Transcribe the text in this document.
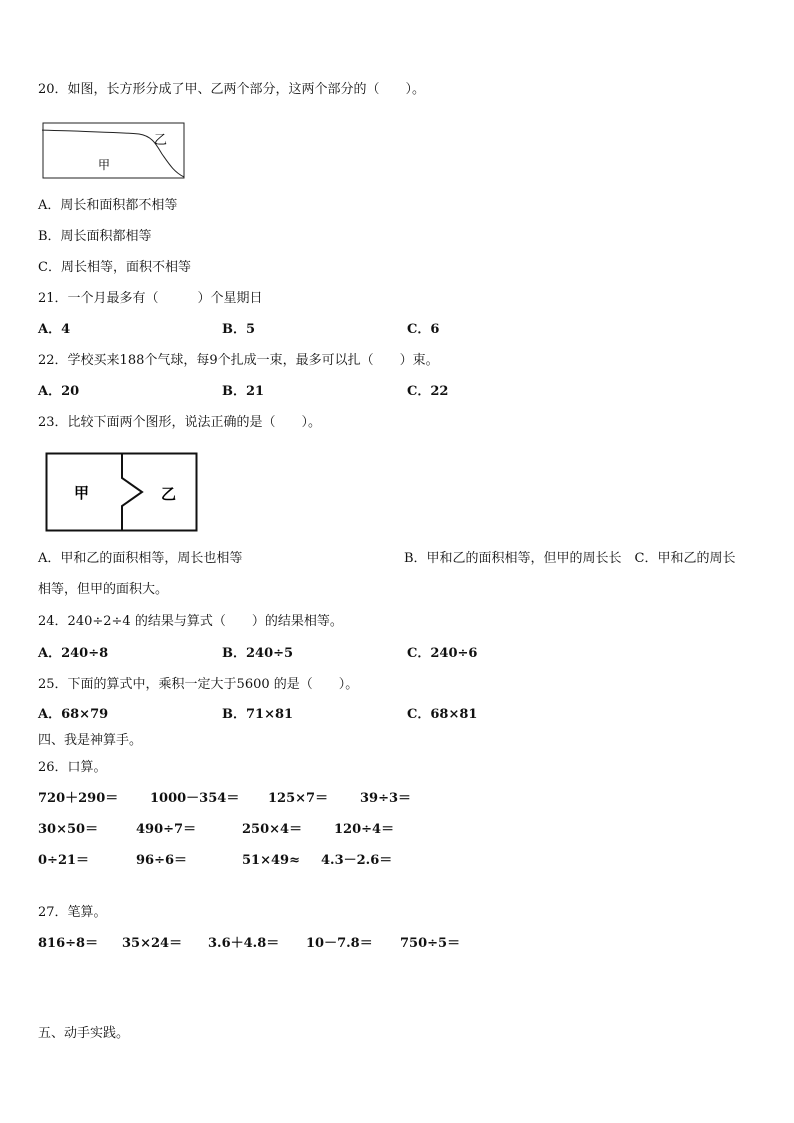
20．如图，长方形分成了甲、乙两个部分，这两个部分的（　　）。
甲
乙
A．周长和面积都不相等
B．周长面积都相等
C．周长相等，面积不相等
21．一个月最多有（　　　）个星期日
A．4	B．5	C．6
22．学校买来188个气球，每9个扎成一束，最多可以扎（　　）束。
A．20	B．21	C．22
23．比较下面两个图形，说法正确的是（　　）。
甲	乙
A．甲和乙的面积相等，周长也相等	B．甲和乙的面积相等，但甲的周长长　C．甲和乙的周长
相等，但甲的面积大。
24．240÷2÷4 的结果与算式（　　）的结果相等。
A．240÷8	B．240÷5	C．240÷6
25．下面的算式中，乘积一定大于5600 的是（　　）。
A．68×79	B．71×81	C．68×81
四、我是神算手。
26．口算。
720＋290＝ 1000－354＝ 125×7＝ 39÷3＝
30×50＝	490÷7＝	250×4＝ 120÷4＝
0÷21＝	96÷6＝	51×49≈ 4.3－2.6＝
27．笔算。
816÷8＝ 35×24＝ 3.6＋4.8＝ 10－7.8＝ 750÷5＝
五、动手实践。
